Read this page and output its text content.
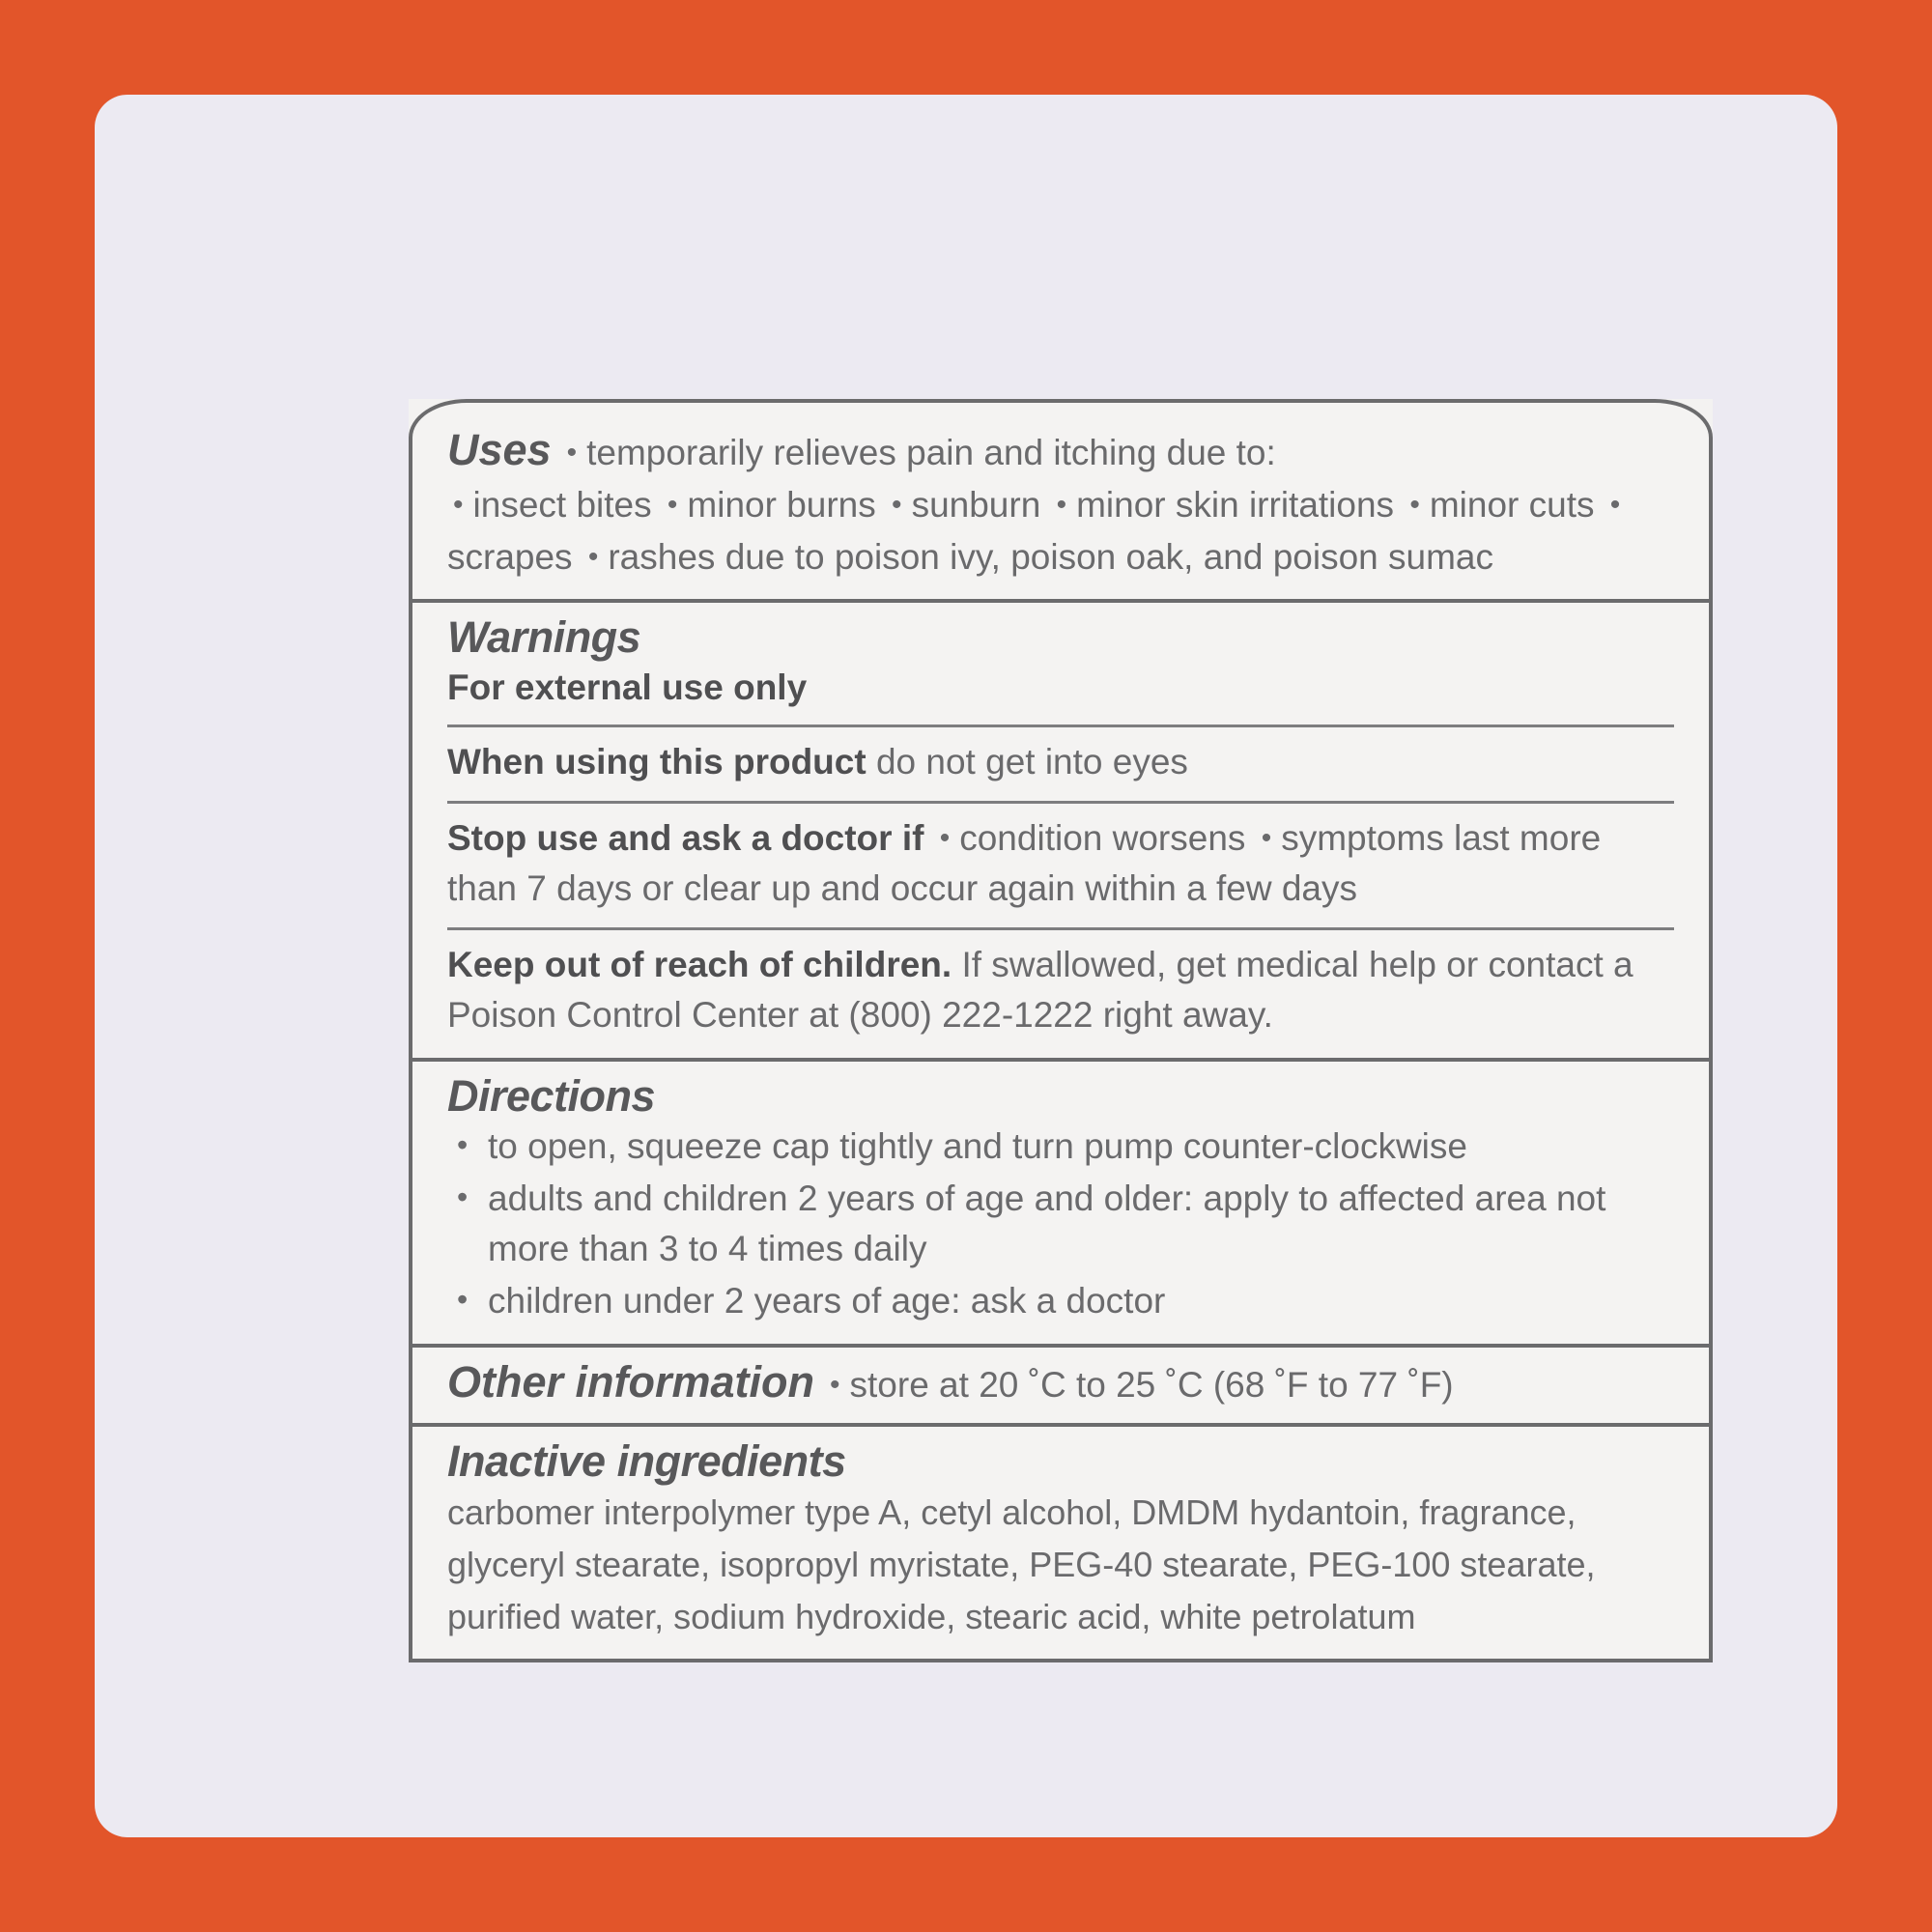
Uses • temporarily relieves pain and itching due to:
• insect bites • minor burns • sunburn • minor skin irritations • minor cuts •scrapes • rashes due to poison ivy, poison oak, and poison sumac
Warnings
For external use only
When using this product do not get into eyes
Stop use and ask a doctor if • condition worsens • symptoms last more than 7 days or clear up and occur again within a few days
Keep out of reach of children. If swallowed, get medical help or contact a Poison Control Center at (800) 222-1222 right away.
Directions
• to open, squeeze cap tightly and turn pump counter-clockwise
• adults and children 2 years of age and older: apply to affected area not more than 3 to 4 times daily
• children under 2 years of age: ask a doctor
Other information • store at 20 ˚C to 25 ˚C (68 ˚F to 77 ˚F)
Inactive ingredients
carbomer interpolymer type A, cetyl alcohol, DMDM hydantoin, fragrance, glyceryl stearate, isopropyl myristate, PEG-40 stearate, PEG-100 stearate, purified water, sodium hydroxide, stearic acid, white petrolatum
